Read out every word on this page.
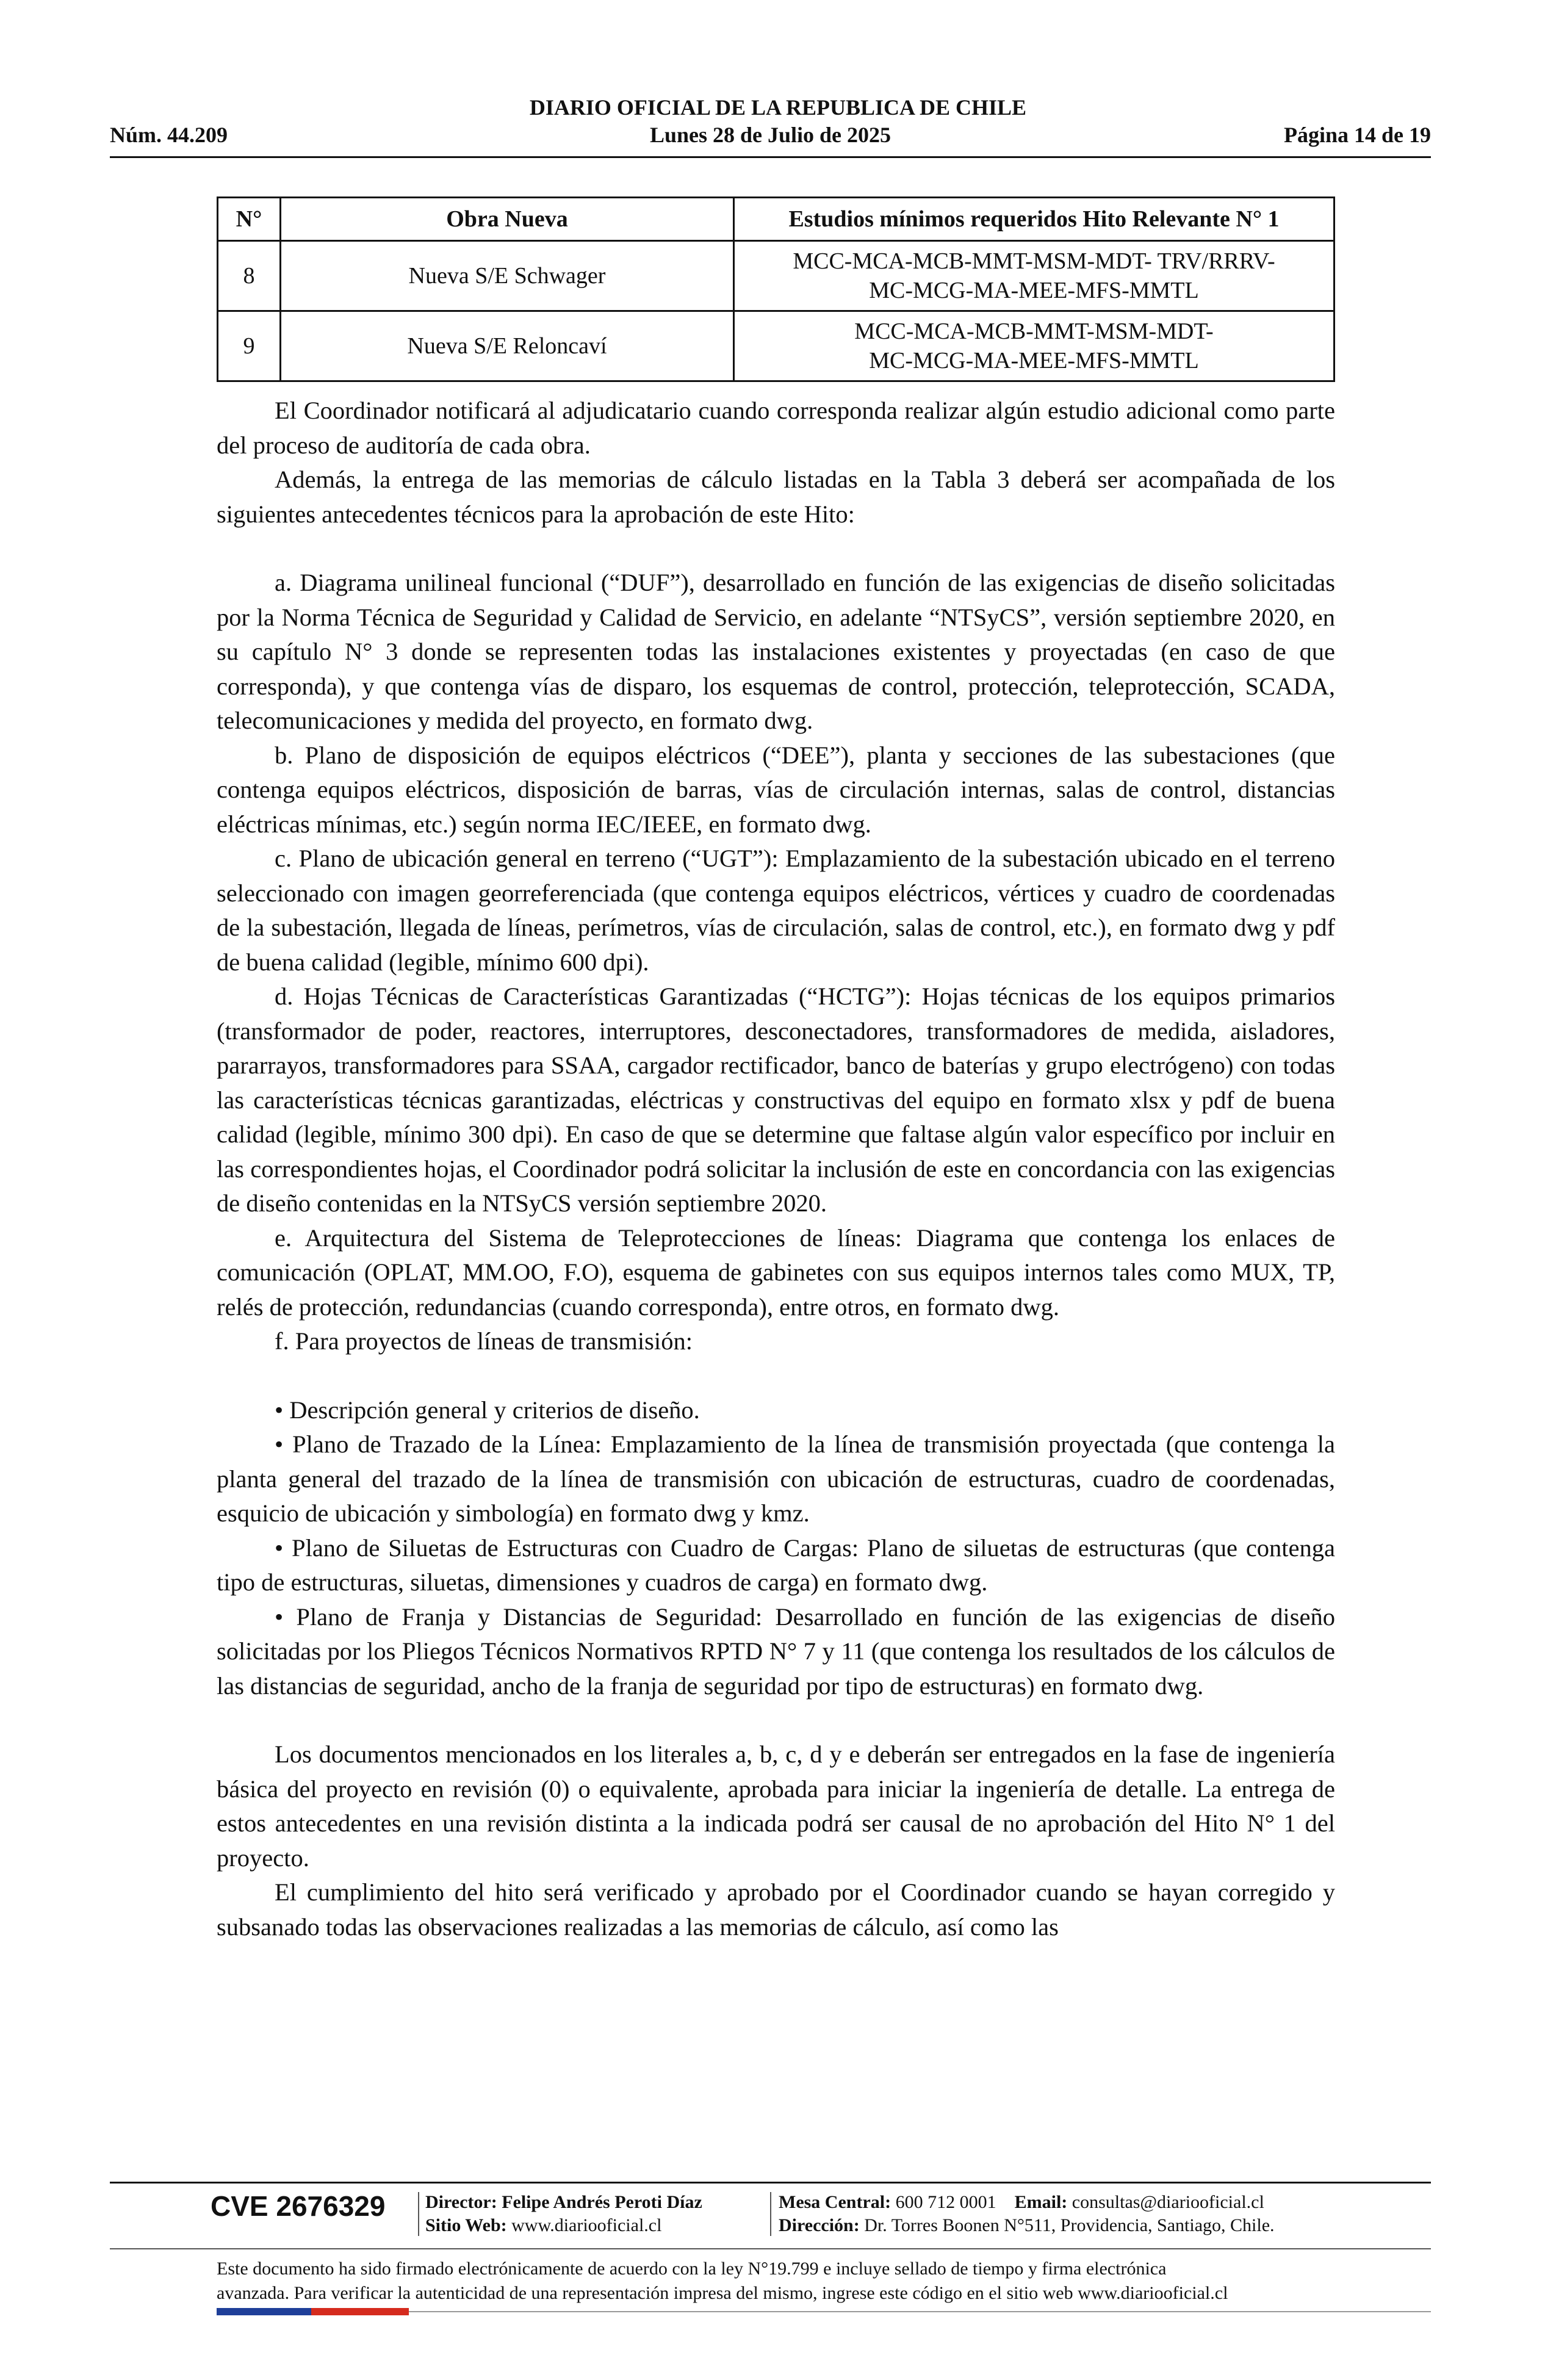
DIARIO OFICIAL DE LA REPUBLICA DE CHILE
Núm. 44.209	Lunes 28 de Julio de 2025	Página 14 de 19
N°	Obra Nueva	Estudios mínimos requeridos Hito Relevante N° 1
8	Nueva S/E Schwager	MCC-MCA-MCB-MMT-MSM-MDT- TRV/RRRV-
MC-MCG-MA-MEE-MFS-MMTL

9	Nueva S/E Reloncaví	MCC-MCA-MCB-MMT-MSM-MDT-
MC-MCG-MA-MEE-MFS-MMTL

El Coordinador notificará al adjudicatario cuando corresponda realizar algún estudio adicional como parte del proceso de auditoría de cada obra.

Además, la entrega de las memorias de cálculo listadas en la Tabla 3 deberá ser acompañada de los siguientes antecedentes técnicos para la aprobación de este Hito:

a. Diagrama unilineal funcional (“DUF”), desarrollado en función de las exigencias de diseño solicitadas por la Norma Técnica de Seguridad y Calidad de Servicio, en adelante “NTSyCS”, versión septiembre 2020, en su capítulo N° 3 donde se representen todas las instalaciones existentes y proyectadas (en caso de que corresponda), y que contenga vías de disparo, los esquemas de control, protección, teleprotección, SCADA, telecomunicaciones y medida del proyecto, en formato dwg.

b. Plano de disposición de equipos eléctricos (“DEE”), planta y secciones de las subestaciones (que contenga equipos eléctricos, disposición de barras, vías de circulación internas, salas de control, distancias eléctricas mínimas, etc.) según norma IEC/IEEE, en formato dwg.

c. Plano de ubicación general en terreno (“UGT”): Emplazamiento de la subestación ubicado en el terreno seleccionado con imagen georreferenciada (que contenga equipos eléctricos, vértices y cuadro de coordenadas de la subestación, llegada de líneas, perímetros, vías de circulación, salas de control, etc.), en formato dwg y pdf de buena calidad (legible, mínimo 600 dpi).

d. Hojas Técnicas de Características Garantizadas (“HCTG”): Hojas técnicas de los equipos primarios (transformador de poder, reactores, interruptores, desconectadores, transformadores de medida, aisladores, pararrayos, transformadores para SSAA, cargador rectificador, banco de baterías y grupo electrógeno) con todas las características técnicas garantizadas, eléctricas y constructivas del equipo en formato xlsx y pdf de buena calidad (legible, mínimo 300 dpi). En caso de que se determine que faltase algún valor específico por incluir en las correspondientes hojas, el Coordinador podrá solicitar la inclusión de este en concordancia con las exigencias de diseño contenidas en la NTSyCS versión septiembre 2020.

e. Arquitectura del Sistema de Teleprotecciones de líneas: Diagrama que contenga los enlaces de comunicación (OPLAT, MM.OO, F.O), esquema de gabinetes con sus equipos internos tales como MUX, TP, relés de protección, redundancias (cuando corresponda), entre otros, en formato dwg.

f. Para proyectos de líneas de transmisión:

• Descripción general y criterios de diseño.

• Plano de Trazado de la Línea: Emplazamiento de la línea de transmisión proyectada (que contenga la planta general del trazado de la línea de transmisión con ubicación de estructuras, cuadro de coordenadas, esquicio de ubicación y simbología) en formato dwg y kmz.

• Plano de Siluetas de Estructuras con Cuadro de Cargas: Plano de siluetas de estructuras (que contenga tipo de estructuras, siluetas, dimensiones y cuadros de carga) en formato dwg.

• Plano de Franja y Distancias de Seguridad: Desarrollado en función de las exigencias de diseño solicitadas por los Pliegos Técnicos Normativos RPTD N° 7 y 11 (que contenga los resultados de los cálculos de las distancias de seguridad, ancho de la franja de seguridad por tipo de estructuras) en formato dwg.

Los documentos mencionados en los literales a, b, c, d y e deberán ser entregados en la fase de ingeniería básica del proyecto en revisión (0) o equivalente, aprobada para iniciar la ingeniería de detalle. La entrega de estos antecedentes en una revisión distinta a la indicada podrá ser causal de no aprobación del Hito N° 1 del proyecto.

El cumplimiento del hito será verificado y aprobado por el Coordinador cuando se hayan corregido y subsanado todas las observaciones realizadas a las memorias de cálculo, así como las

CVE 2676329 Director: Felipe Andrés Peroti Díaz
Sitio Web: www.diariooficial.cl
Mesa Central: 600 712 0001 Email: consultas@diariooficial.cl
Dirección: Dr. Torres Boonen N°511, Providencia, Santiago, Chile.
Este documento ha sido firmado electrónicamente de acuerdo con la ley N°19.799 e incluye sellado de tiempo y firma electrónica
avanzada. Para verificar la autenticidad de una representación impresa del mismo, ingrese este código en el sitio web www.diariooficial.cl
